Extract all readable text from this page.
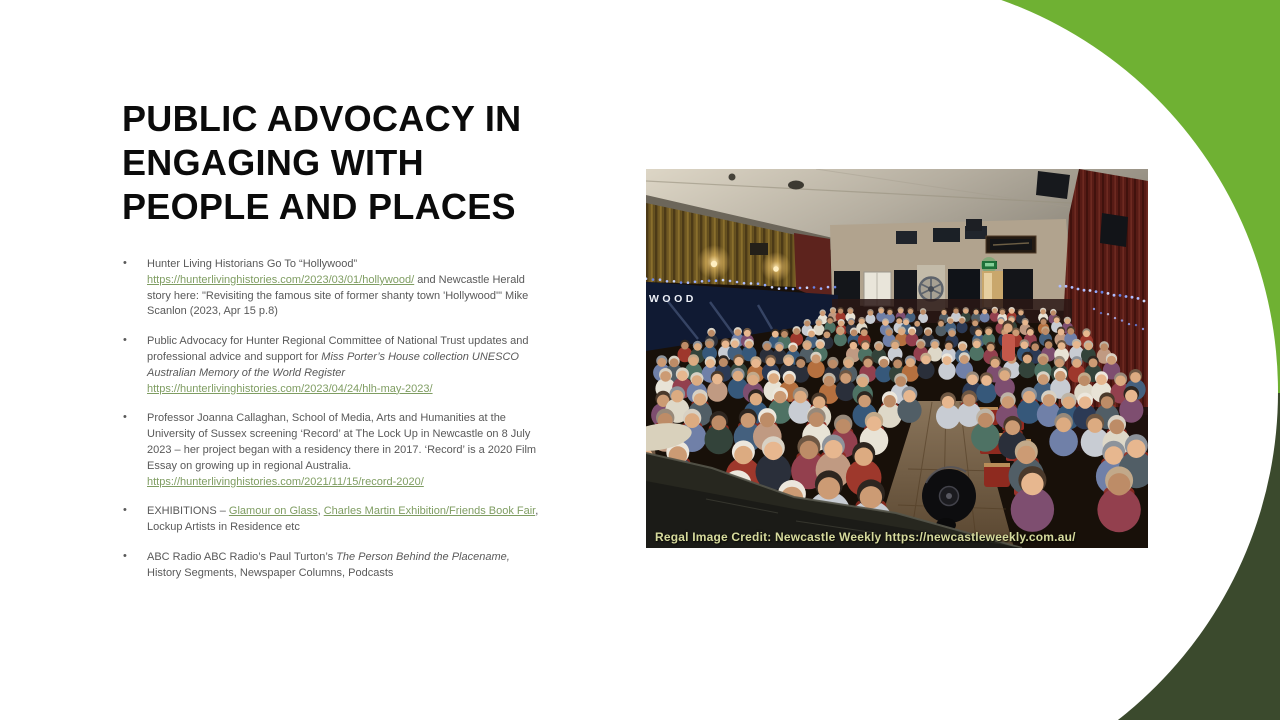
PUBLIC ADVOCACY IN
ENGAGING WITH
PEOPLE AND PLACES
• Hunter Living Historians Go To “Hollywood” https://hunterlivinghistories.com/2023/03/01/hollywood/ and Newcastle Herald story here: "Revisiting the famous site of former shanty town 'Hollywood'" Mike Scanlon (2023, Apr 15 p.8)
• Public Advocacy for Hunter Regional Committee of National Trust updates and professional advice and support for Miss Porter’s House collection UNESCO Australian Memory of the World Register
https://hunterlivinghistories.com/2023/04/24/hlh-may-2023/
• Professor Joanna Callaghan, School of Media, Arts and Humanities at the University of Sussex screening ‘Record’ at The Lock Up in Newcastle on 8 July 2023 – her project began with a residency there in 2017. ‘Record’ is a 2020 Film Essay on growing up in regional Australia.
https://hunterlivinghistories.com/2021/11/15/record-2020/
• EXHIBITIONS – Glamour on Glass, Charles Martin Exhibition/Friends Book Fair, Lockup Artists in Residence etc
• ABC Radio ABC Radio’s Paul Turton’s The Person Behind the Placename, History Segments, Newspaper Columns, Podcasts
WOOD
Regal Image Credit: Newcastle Weekly https://newcastleweekly.com.au/
